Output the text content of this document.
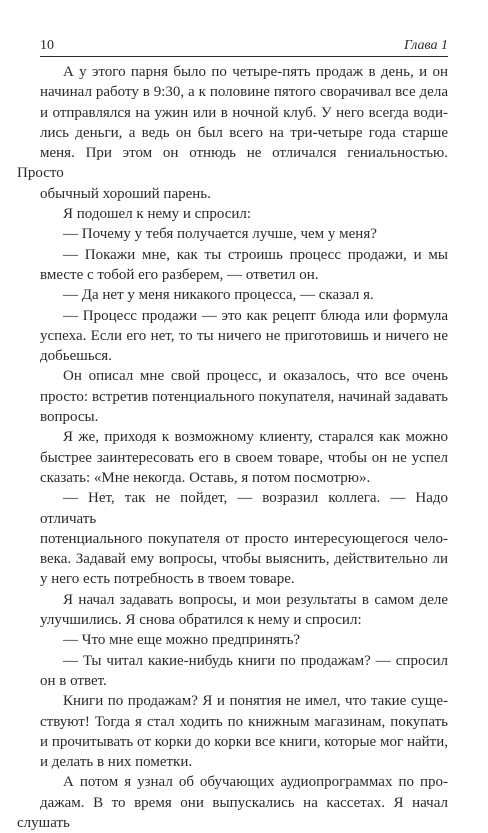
10	Глава 1

А у этого парня было по четыре-пять продаж в день, и он
начинал работу в 9:30, а к половине пятого сворачивал все дела
и отправлялся на ужин или в ночной клуб. У него всегда води-
лись деньги, а ведь он был всего на три-четыре года старше
меня. При этом он отнюдь не отличался гениальностью. Просто
обычный хороший парень.

Я подошел к нему и спросил:

— Почему у тебя получается лучше, чем у меня?

— Покажи мне, как ты строишь процесс продажи, и мы
вместе с тобой его разберем, — ответил он.

— Да нет у меня никакого процесса, — сказал я.

— Процесс продажи — это как рецепт блюда или формула
успеха. Если его нет, то ты ничего не приготовишь и ничего не
добьешься.

Он описал мне свой процесс, и оказалось, что все очень
просто: встретив потенциального покупателя, начинай задавать
вопросы.

Я же, приходя к возможному клиенту, старался как можно
быстрее заинтересовать его в своем товаре, чтобы он не успел
сказать: «Мне некогда. Оставь, я потом посмотрю».

— Нет, так не пойдет, — возразил коллега. — Надо отличать
потенциального покупателя от просто интересующегося чело-
века. Задавай ему вопросы, чтобы выяснить, действительно ли
у него есть потребность в твоем товаре.

Я начал задавать вопросы, и мои результаты в самом деле
улучшились. Я снова обратился к нему и спросил:

— Что мне еще можно предпринять?

— Ты читал какие-нибудь книги по продажам? — спросил
он в ответ.

Книги по продажам? Я и понятия не имел, что такие суще-
ствуют! Тогда я стал ходить по книжным магазинам, покупать
и прочитывать от корки до корки все книги, которые мог найти,
и делать в них пометки.

А потом я узнал об обучающих аудиопрограммах по про-
дажам. В то время они выпускались на кассетах. Я начал слушать
